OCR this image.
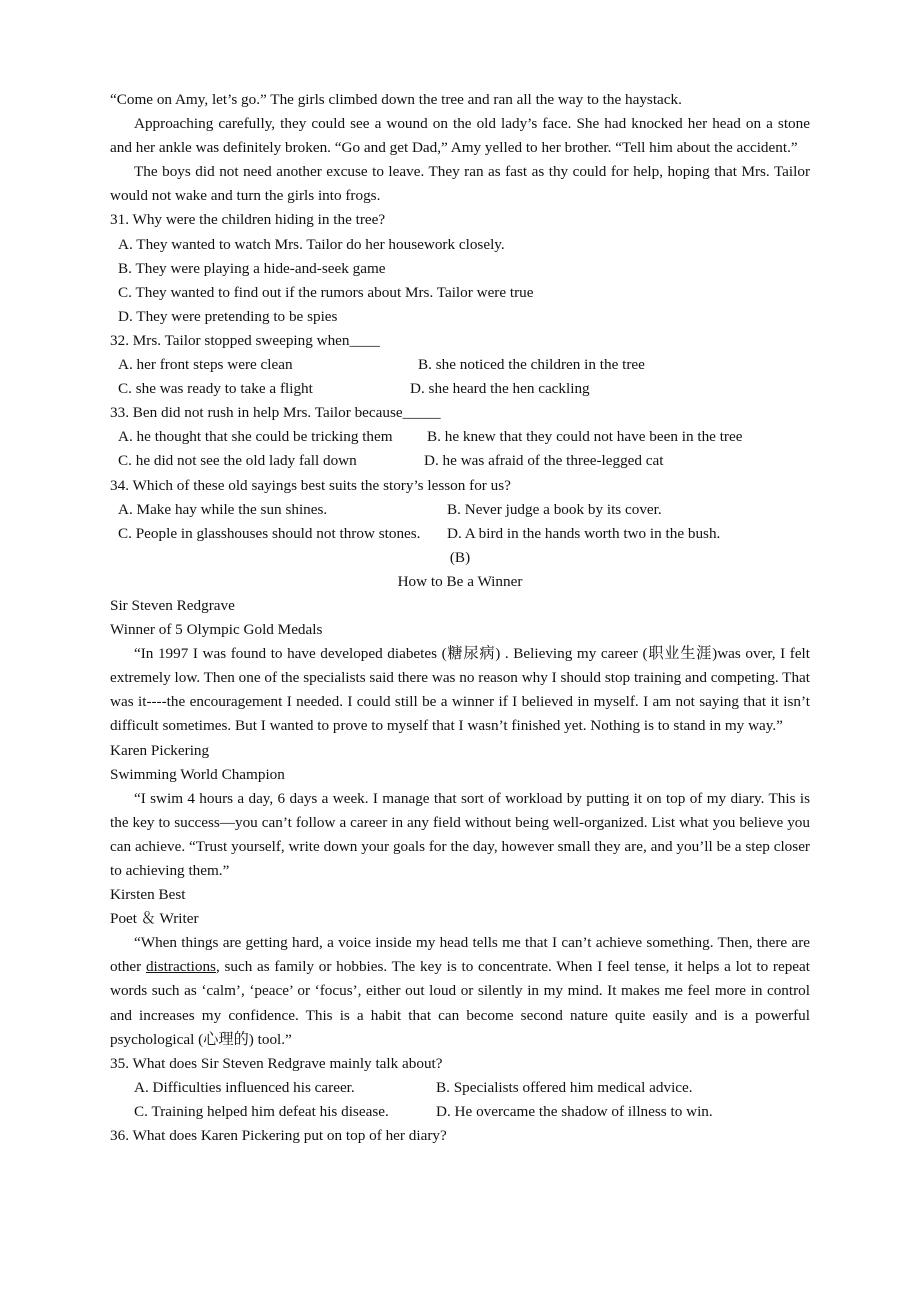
“Come on Amy, let’s go.” The girls climbed down the tree and ran all the way to the haystack.

Approaching carefully, they could see a wound on the old lady’s face. She had knocked her head on a stone and her ankle was definitely broken. “Go and get Dad,” Amy yelled to her brother. “Tell him about the accident.”

The boys did not need another excuse to leave. They ran as fast as thy could for help, hoping that Mrs. Tailor would not wake and turn the girls into frogs.

31. Why were the children hiding in the tree?

A. They wanted to watch Mrs. Tailor do her housework closely.

B. They were playing a hide-and-seek game

C. They wanted to find out if the rumors about Mrs. Tailor were true

D. They were pretending to be spies

32. Mrs. Tailor stopped sweeping when____

A. her front steps were clean	B. she noticed the children in the tree

C. she was ready to take a flight	D. she heard the hen cackling

33. Ben did not rush in help Mrs. Tailor because_____

A. he thought that she could be tricking them B. he knew that they could not have been in the tree

C. he did not see the old lady fall down	D. he was afraid of the three-legged cat

34. Which of these old sayings best suits the story’s lesson for us?

A. Make hay while the sun shines.	B. Never judge a book by its cover.

C. People in glasshouses should not throw stones. D. A bird in the hands worth two in the bush.

(B)

How to Be a Winner

Sir Steven Redgrave

Winner of 5 Olympic Gold Medals

“In 1997 I was found to have developed diabetes (糖尿病) . Believing my career (职业生涯)was over, I felt extremely low. Then one of the specialists said there was no reason why I should stop training and competing. That was it----the encouragement I needed. I could still be a winner if I believed in myself. I am not saying that it isn’t difficult sometimes. But I wanted to prove to myself that I wasn’t finished yet. Nothing is to stand in my way.”

Karen Pickering

Swimming World Champion

“I swim 4 hours a day, 6 days a week. I manage that sort of workload by putting it on top of my diary. This is the key to success—you can’t follow a career in any field without being well-organized. List what you believe you can achieve. “Trust yourself, write down your goals for the day, however small they are, and you’ll be a step closer to achieving them.”

Kirsten Best

Poet ＆ Writer

“When things are getting hard, a voice inside my head tells me that I can’t achieve something. Then, there are other distractions, such as family or hobbies. The key is to concentrate. When I feel tense, it helps a lot to repeat words such as ‘calm’, ‘peace’ or ‘focus’, either out loud or silently in my mind. It makes me feel more in control and increases my confidence. This is a habit that can become second nature quite easily and is a powerful psychological (心理的) tool.”

35. What does Sir Steven Redgrave mainly talk about?

A. Difficulties influenced his career.	B. Specialists offered him medical advice.

C. Training helped him defeat his disease.	D. He overcame the shadow of illness to win.

36. What does Karen Pickering put on top of her diary?
